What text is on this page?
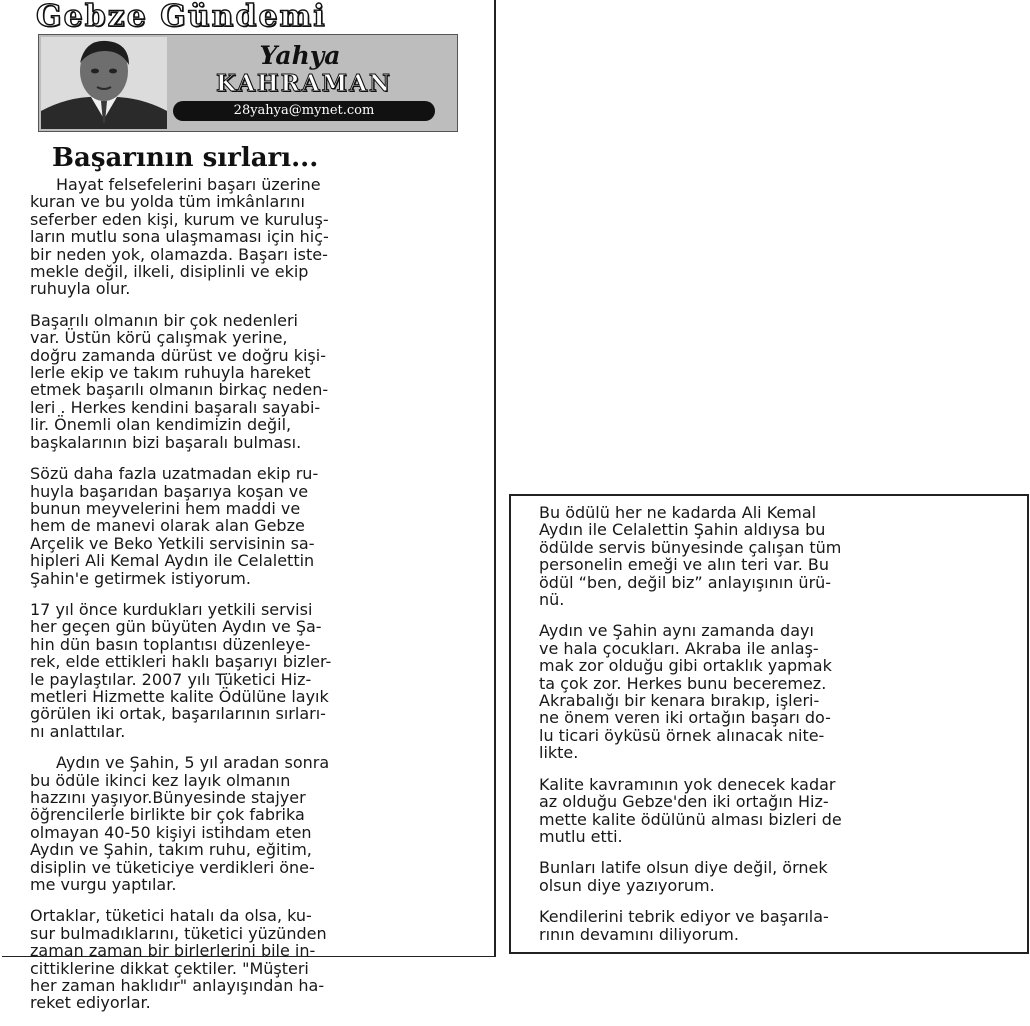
Gebze Gündemi
Yahya
KAHRAMAN
28yahya@mynet.com
Başarının sırları...

Hayat felsefelerini başarı üzerine
kuran ve bu yolda tüm imkânlarını
seferber eden kişi, kurum ve kuruluş-
ların mutlu sona ulaşmaması için hiç-
bir neden yok, olamazda. Başarı iste-
mekle değil, ilkeli, disiplinli ve ekip
ruhuyla olur.

Başarılı olmanın bir çok nedenleri
var. Üstün körü çalışmak yerine,
doğru zamanda dürüst ve doğru kişi-
lerle ekip ve takım ruhuyla hareket
etmek başarılı olmanın birkaç neden-
leri . Herkes kendini başaralı sayabi-
lir. Önemli olan kendimizin değil,
başkalarının bizi başaralı bulması.

Sözü daha fazla uzatmadan ekip ru-
huyla başarıdan başarıya koşan ve
bunun meyvelerini hem maddi ve
hem de manevi olarak alan Gebze
Arçelik ve Beko Yetkili servisinin sa-
hipleri Ali Kemal Aydın ile Celalettin
Şahin'e getirmek istiyorum.

17 yıl önce kurdukları yetkili servisi
her geçen gün büyüten Aydın ve Şa-
hin dün basın toplantısı düzenleye-
rek, elde ettikleri haklı başarıyı bizler-
le paylaştılar. 2007 yılı Tüketici Hiz-
metleri Hizmette kalite Ödülüne layık
görülen iki ortak, başarılarının sırları-
nı anlattılar.

Aydın ve Şahin, 5 yıl aradan sonra
bu ödüle ikinci kez layık olmanın
hazzını yaşıyor.Bünyesinde stajyer
öğrencilerle birlikte bir çok fabrika
olmayan 40-50 kişiyi istihdam eten
Aydın ve Şahin, takım ruhu, eğitim,
disiplin ve tüketiciye verdikleri öne-
me vurgu yaptılar.

Ortaklar, tüketici hatalı da olsa, ku-
sur bulmadıklarını, tüketici yüzünden
zaman zaman bir birlerlerini bile in-
cittiklerine dikkat çektiler. "Müşteri
her zaman haklıdır" anlayışından ha-
reket ediyorlar.

Bu ödülü her ne kadarda Ali Kemal
Aydın ile Celalettin Şahin aldıysa bu
ödülde servis bünyesinde çalışan tüm
personelin emeği ve alın teri var. Bu
ödül “ben, değil biz” anlayışının ürü-
nü.

Aydın ve Şahin aynı zamanda dayı
ve hala çocukları. Akraba ile anlaş-
mak zor olduğu gibi ortaklık yapmak
ta çok zor. Herkes bunu beceremez.
Akrabalığı bir kenara bırakıp, işleri-
ne önem veren iki ortağın başarı do-
lu ticari öyküsü örnek alınacak nite-
likte.

Kalite kavramının yok denecek kadar
az olduğu Gebze'den iki ortağın Hiz-
mette kalite ödülünü alması bizleri de
mutlu etti.

Bunları latife olsun diye değil, örnek
olsun diye yazıyorum.

Kendilerini tebrik ediyor ve başarıla-
rının devamını diliyorum.
